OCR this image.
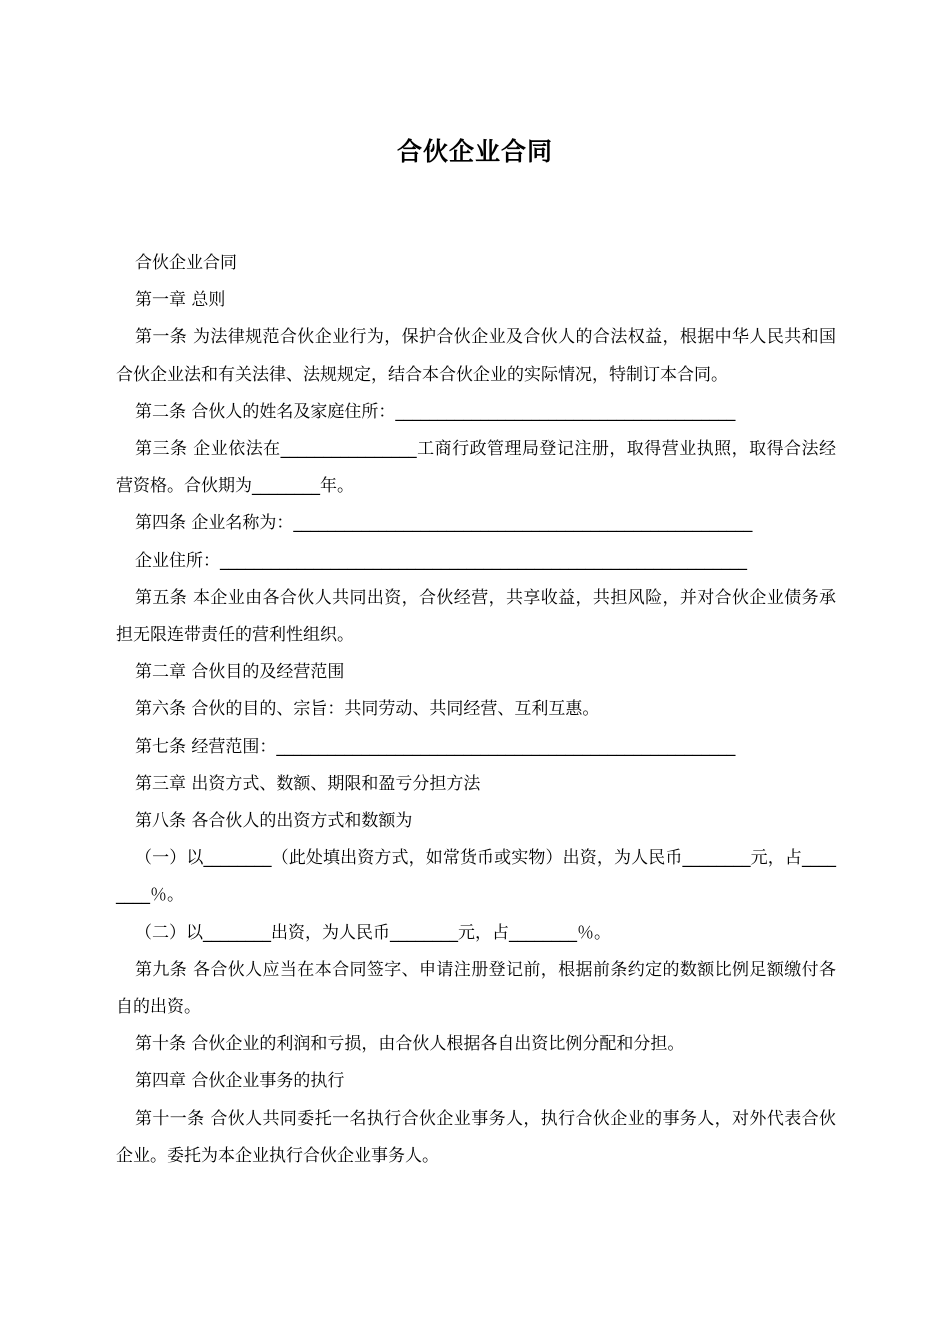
合伙企业合同

合伙企业合同

第一章 总则

第一条 为法律规范合伙企业行为，保护合伙企业及合伙人的合法权益，根据中华人民共和国合伙企业法和有关法律、法规规定，结合本合伙企业的实际情况，特制订本合同。

第二条 合伙人的姓名及家庭住所：________________________________________

第三条 企业依法在________________工商行政管理局登记注册，取得营业执照，取得合法经营资格。合伙期为________年。

第四条 企业名称为：______________________________________________________

企业住所：______________________________________________________________

第五条 本企业由各合伙人共同出资，合伙经营，共享收益，共担风险，并对合伙企业债务承担无限连带责任的营利性组织。

第二章 合伙目的及经营范围

第六条 合伙的目的、宗旨：共同劳动、共同经营、互利互惠。

第七条 经营范围：______________________________________________________

第三章 出资方式、数额、期限和盈亏分担方法

第八条 各合伙人的出资方式和数额为

（一）以________（此处填出资方式，如常货币或实物）出资，为人民币________元，占________％。

（二）以________出资，为人民币________元，占________％。

第九条 各合伙人应当在本合同签字、申请注册登记前，根据前条约定的数额比例足额缴付各自的出资。

第十条 合伙企业的利润和亏损，由合伙人根据各自出资比例分配和分担。

第四章 合伙企业事务的执行

第十一条 合伙人共同委托一名执行合伙企业事务人，执行合伙企业的事务人，对外代表合伙企业。委托为本企业执行合伙企业事务人。
